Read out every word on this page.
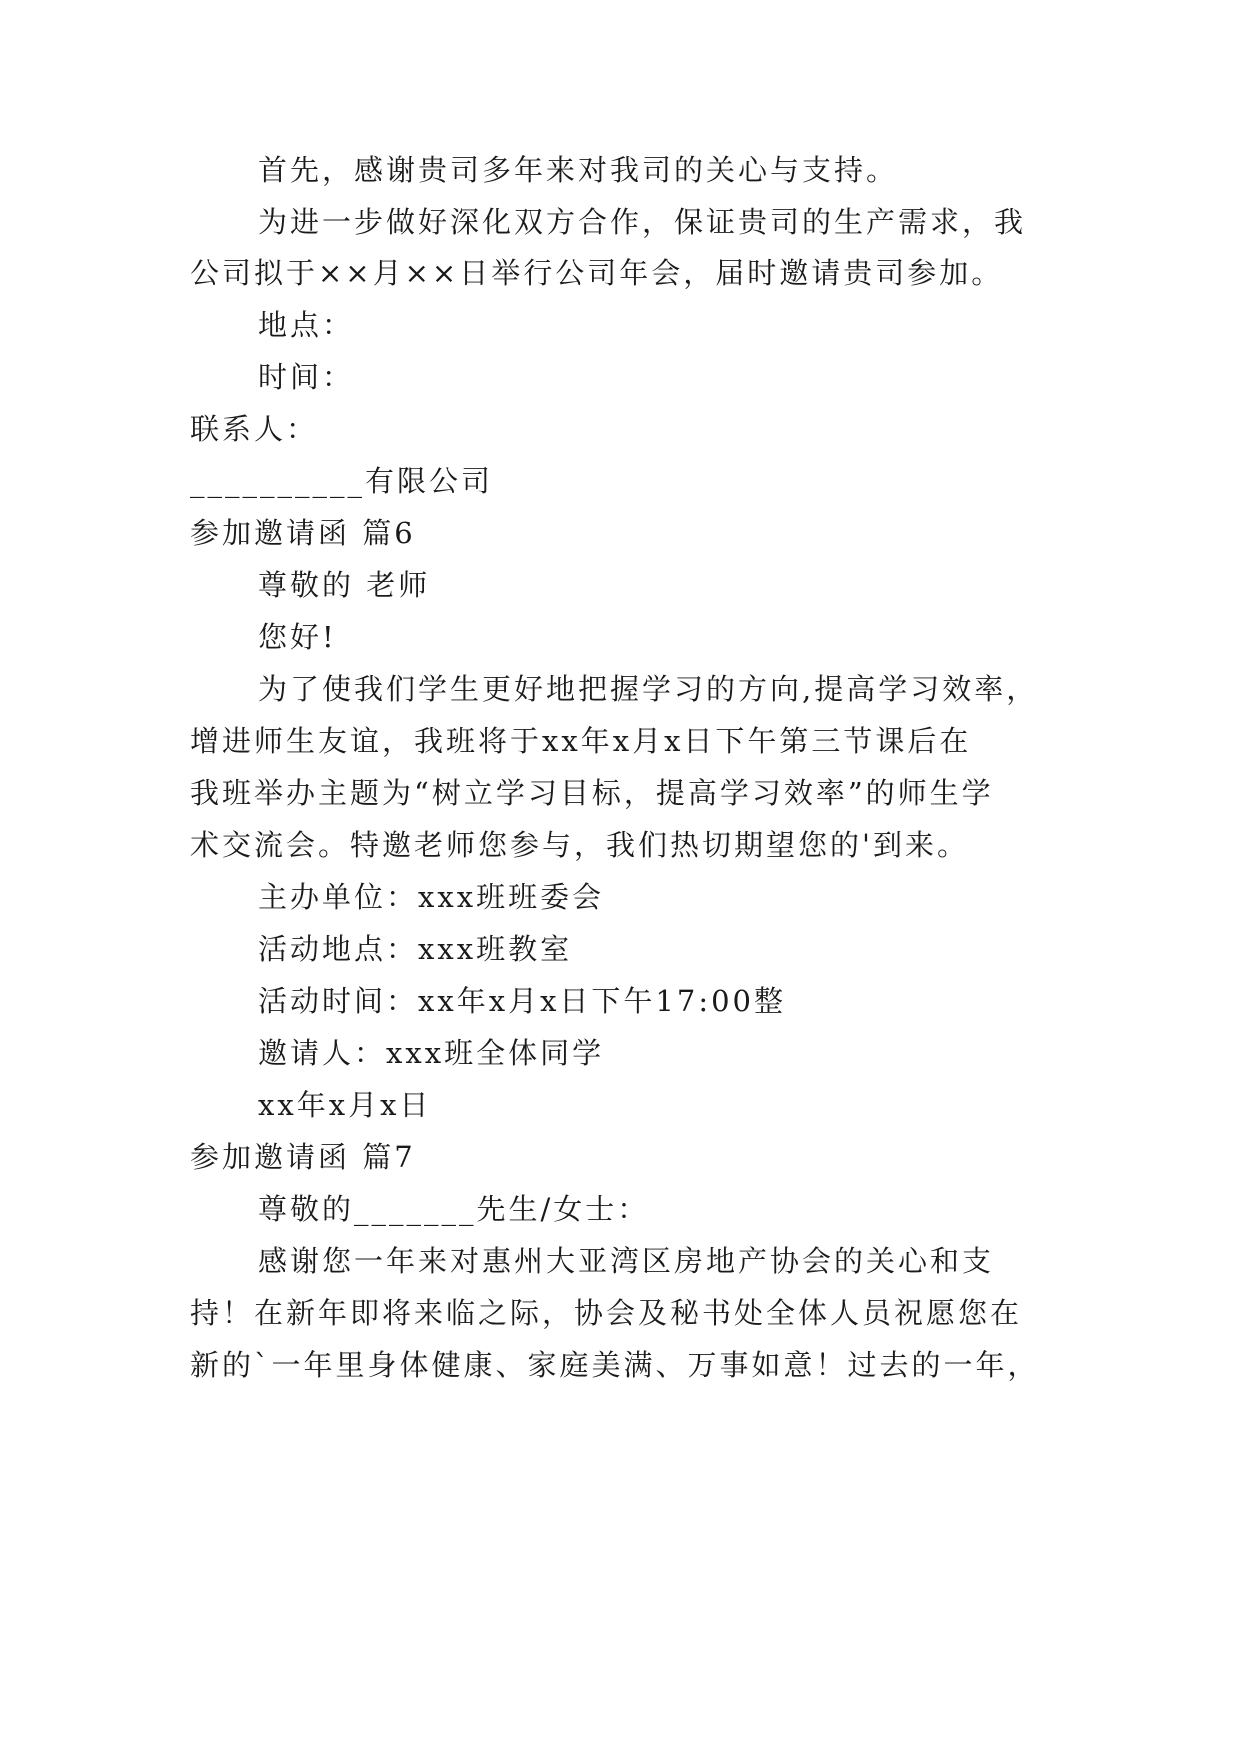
首先，感谢贵司多年来对我司的关心与支持。
为进一步做好深化双方合作，保证贵司的生产需求，我
公司拟于××月××日举行公司年会，届时邀请贵司参加。
地点：
时间：
联系人：
__________有限公司
参加邀请函 篇6
尊敬的 老师
您好!
为了使我们学生更好地把握学习的方向,提高学习效率，
增进师生友谊，我班将于xx年x月x日下午第三节课后在
我班举办主题为“树立学习目标，提高学习效率”的师生学
术交流会。特邀老师您参与，我们热切期望您的'到来。
主办单位：xxx班班委会
活动地点：xxx班教室
活动时间：xx年x月x日下午17:00整
邀请人：xxx班全体同学
xx年x月x日
参加邀请函 篇7
尊敬的_______先生/女士：
感谢您一年来对惠州大亚湾区房地产协会的关心和支
持！在新年即将来临之际，协会及秘书处全体人员祝愿您在
新的`一年里身体健康、家庭美满、万事如意！过去的一年，
